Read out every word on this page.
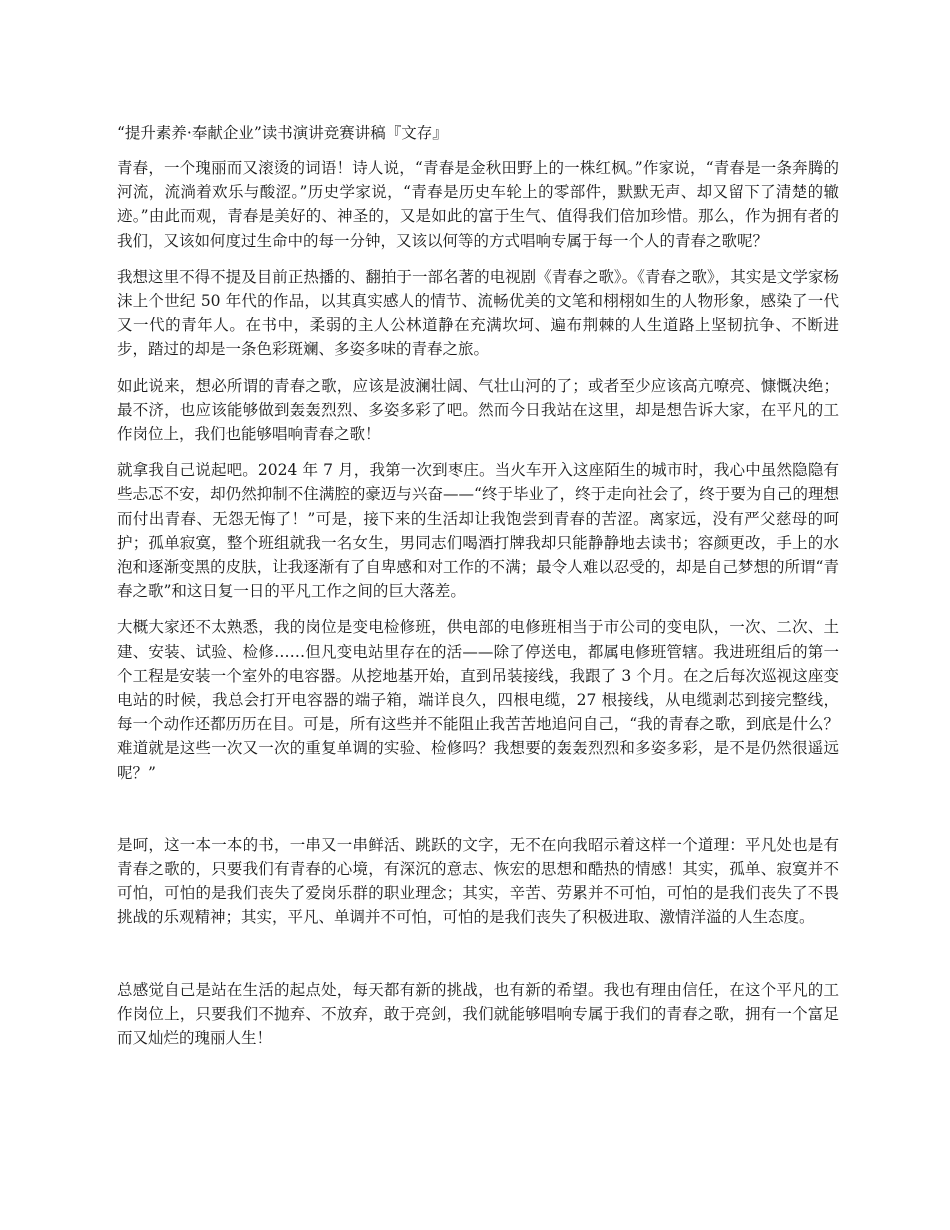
“提升素养·奉献企业”读书演讲竞赛讲稿『文存』

青春，一个瑰丽而又滚烫的词语！诗人说，“青春是金秋田野上的一株红枫。”作家说，“青春是一条奔腾的河流，流淌着欢乐与酸涩。”历史学家说，“青春是历史车轮上的零部件，默默无声、却又留下了清楚的辙迹。”由此而观，青春是美好的、神圣的，又是如此的富于生气、值得我们倍加珍惜。那么，作为拥有者的我们，又该如何度过生命中的每一分钟，又该以何等的方式唱响专属于每一个人的青春之歌呢？

我想这里不得不提及目前正热播的、翻拍于一部名著的电视剧《青春之歌》。《青春之歌》，其实是文学家杨沫上个世纪 50 年代的作品，以其真实感人的情节、流畅优美的文笔和栩栩如生的人物形象，感染了一代又一代的青年人。在书中，柔弱的主人公林道静在充满坎坷、遍布荆棘的人生道路上坚韧抗争、不断进步，踏过的却是一条色彩斑斓、多姿多味的青春之旅。

如此说来，想必所谓的青春之歌，应该是波澜壮阔、气壮山河的了；或者至少应该高亢嘹亮、慷慨决绝；最不济，也应该能够做到轰轰烈烈、多姿多彩了吧。然而今日我站在这里，却是想告诉大家，在平凡的工作岗位上，我们也能够唱响青春之歌！

就拿我自己说起吧。2024 年 7 月，我第一次到枣庄。当火车开入这座陌生的城市时，我心中虽然隐隐有些忐忑不安，却仍然抑制不住满腔的豪迈与兴奋——“终于毕业了，终于走向社会了，终于要为自己的理想而付出青春、无怨无悔了！”可是，接下来的生活却让我饱尝到青春的苦涩。离家远，没有严父慈母的呵护；孤单寂寞，整个班组就我一名女生，男同志们喝酒打牌我却只能静静地去读书；容颜更改，手上的水泡和逐渐变黑的皮肤，让我逐渐有了自卑感和对工作的不满；最令人难以忍受的，却是自己梦想的所谓“青春之歌”和这日复一日的平凡工作之间的巨大落差。

大概大家还不太熟悉，我的岗位是变电检修班，供电部的电修班相当于市公司的变电队，一次、二次、土建、安装、试验、检修……但凡变电站里存在的活——除了停送电，都属电修班管辖。我进班组后的第一个工程是安装一个室外的电容器。从挖地基开始，直到吊装接线，我跟了 3 个月。在之后每次巡视这座变电站的时候，我总会打开电容器的端子箱，端详良久，四根电缆，27 根接线，从电缆剥芯到接完整线，每一个动作还都历历在目。可是，所有这些并不能阻止我苦苦地追问自己，“我的青春之歌，到底是什么？难道就是这些一次又一次的重复单调的实验、检修吗？我想要的轰轰烈烈和多姿多彩，是不是仍然很遥远呢？”

是呵，这一本一本的书，一串又一串鲜活、跳跃的文字，无不在向我昭示着这样一个道理：平凡处也是有青春之歌的，只要我们有青春的心境，有深沉的意志、恢宏的思想和酷热的情感！其实，孤单、寂寞并不可怕，可怕的是我们丧失了爱岗乐群的职业理念；其实，辛苦、劳累并不可怕，可怕的是我们丧失了不畏挑战的乐观精神；其实，平凡、单调并不可怕，可怕的是我们丧失了积极进取、激情洋溢的人生态度。

总感觉自己是站在生活的起点处，每天都有新的挑战，也有新的希望。我也有理由信任，在这个平凡的工作岗位上，只要我们不抛弃、不放弃，敢于亮剑，我们就能够唱响专属于我们的青春之歌，拥有一个富足而又灿烂的瑰丽人生！
